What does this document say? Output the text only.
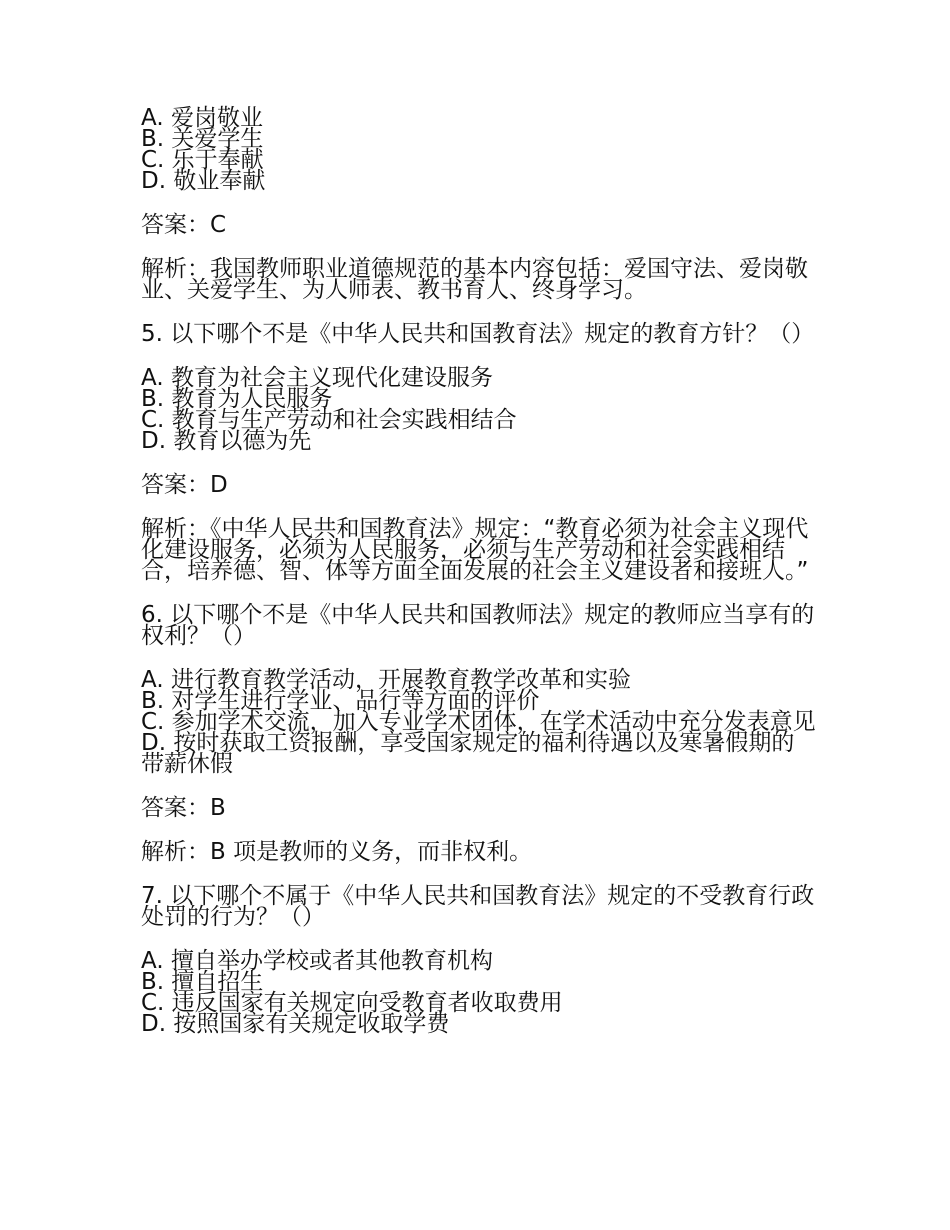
A. 爱岗敬业
B. 关爱学生
C. 乐于奉献
D. 敬业奉献
答案：C
解析：我国教师职业道德规范的基本内容包括：爱国守法、爱岗敬业、关爱学生、为人师表、教书育人、终身学习。
5. 以下哪个不是《中华人民共和国教育法》规定的教育方针？（）
A. 教育为社会主义现代化建设服务
B. 教育为人民服务
C. 教育与生产劳动和社会实践相结合
D. 教育以德为先
答案：D
解析：《中华人民共和国教育法》规定：“教育必须为社会主义现代化建设服务，必须为人民服务，必须与生产劳动和社会实践相结合，培养德、智、体等方面全面发展的社会主义建设者和接班人。”
6. 以下哪个不是《中华人民共和国教师法》规定的教师应当享有的权利？（）
A. 进行教育教学活动，开展教育教学改革和实验
B. 对学生进行学业、品行等方面的评价
C. 参加学术交流，加入专业学术团体，在学术活动中充分发表意见
D. 按时获取工资报酬，享受国家规定的福利待遇以及寒暑假期的带薪休假
答案：B
解析：B 项是教师的义务，而非权利。
7. 以下哪个不属于《中华人民共和国教育法》规定的不受教育行政处罚的行为？（）
A. 擅自举办学校或者其他教育机构
B. 擅自招生
C. 违反国家有关规定向受教育者收取费用
D. 按照国家有关规定收取学费
